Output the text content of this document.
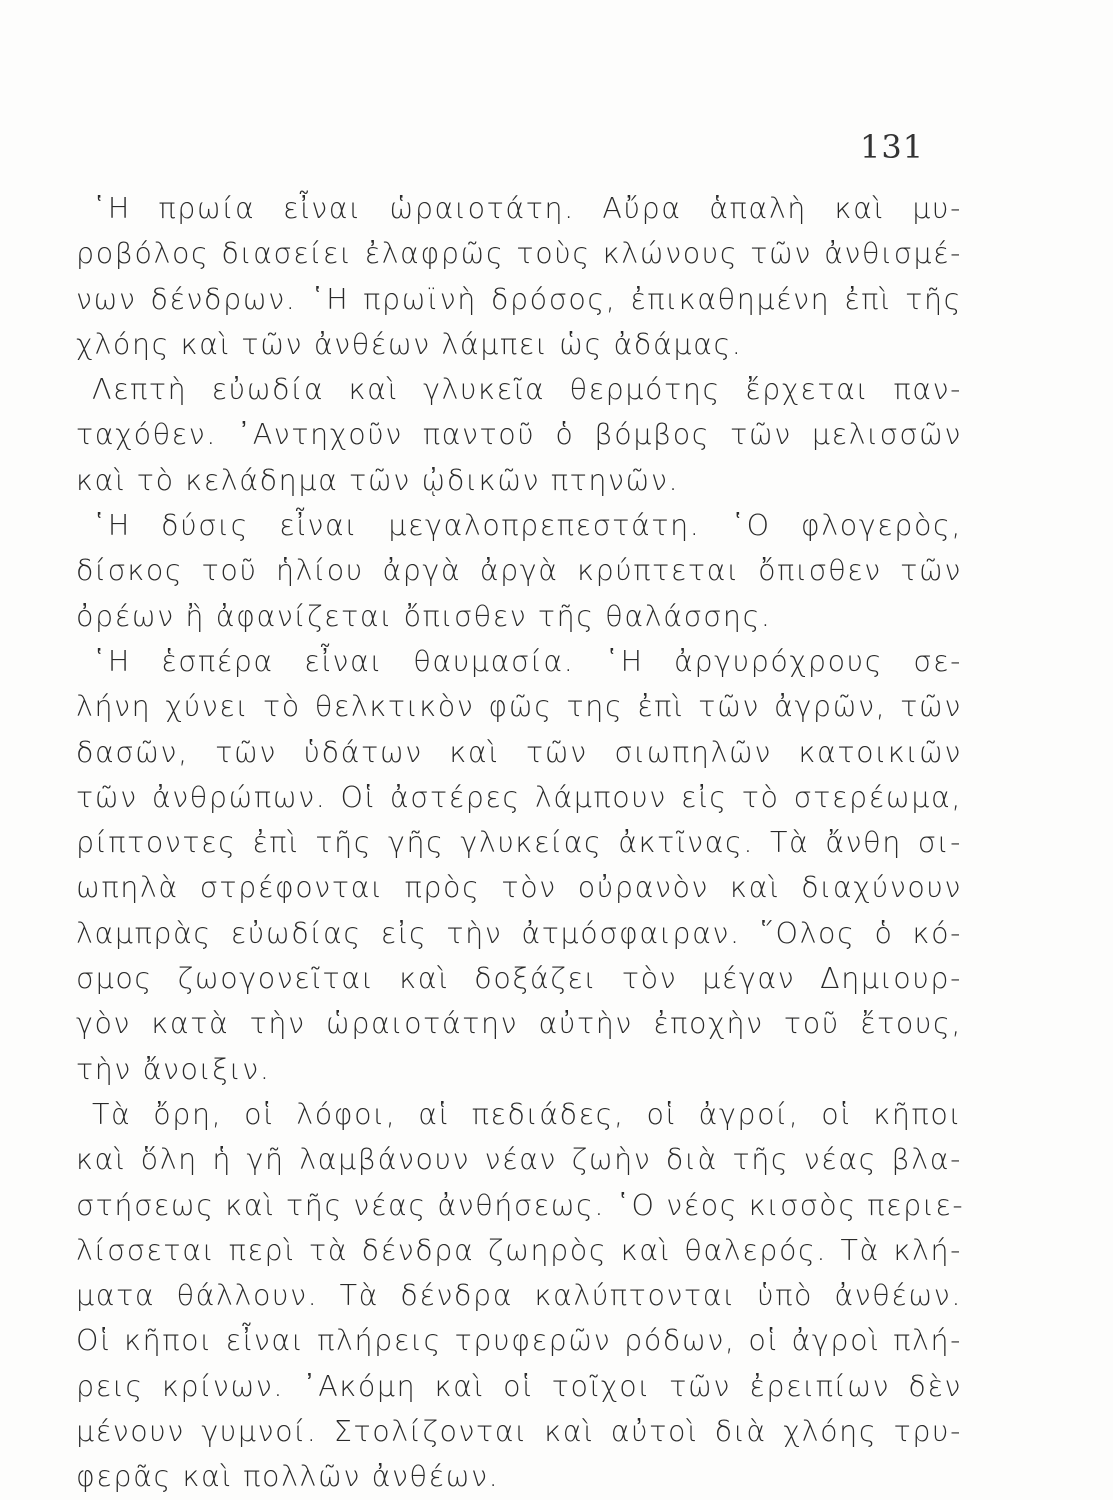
131
῾Η πρωία εἶναι ὡραιοτάτη. Αὔρα ἁπαλὴ καὶ μυ-
ροβόλος διασείει ἐλαφρῶς τοὺς κλώνους τῶν ἀνθισμέ-
νων δένδρων. ῾Η πρωϊνὴ δρόσος, ἐπικαθημένη ἐπὶ τῆς
χλόης καὶ τῶν ἀνθέων λάμπει ὡς ἀδάμας.
Λεπτὴ εὐωδία καὶ γλυκεῖα θερμότης ἔρχεται παν-
ταχόθεν. ᾽Αντηχοῦν παντοῦ ὁ βόμβος τῶν μελισσῶν
καὶ τὸ κελάδημα τῶν ᾠδικῶν πτηνῶν.
῾Η δύσις εἶναι μεγαλοπρεπεστάτη. ῾Ο φλογερὸς,
δίσκος τοῦ ἡλίου ἀργὰ ἀργὰ κρύπτεται ὄπισθεν τῶν
ὀρέων ἢ ἀφανίζεται ὄπισθεν τῆς θαλάσσης.
῾Η ἑσπέρα εἶναι θαυμασία. ῾Η ἀργυρόχρους σε-
λήνη χύνει τὸ θελκτικὸν φῶς της ἐπὶ τῶν ἀγρῶν, τῶν
δασῶν, τῶν ὑδάτων καὶ τῶν σιωπηλῶν κατοικιῶν
τῶν ἀνθρώπων. Οἱ ἀστέρες λάμπουν εἰς τὸ στερέωμα,
ρίπτοντες ἐπὶ τῆς γῆς γλυκείας ἀκτῖνας. Τὰ ἄνθη σι-
ωπηλὰ στρέφονται πρὸς τὸν οὐρανὸν καὶ διαχύνουν
λαμπρὰς εὐωδίας εἰς τὴν ἀτμόσφαιραν. ῞Ολος ὁ κό-
σμος ζωογονεῖται καὶ δοξάζει τὸν μέγαν Δημιουρ-
γὸν κατὰ τὴν ὡραιοτάτην αὐτὴν ἐποχὴν τοῦ ἔτους,
τὴν ἄνοιξιν.
Τὰ ὄρη, οἱ λόφοι, αἱ πεδιάδες, οἱ ἀγροί, οἱ κῆποι
καὶ ὅλη ἡ γῆ λαμβάνουν νέαν ζωὴν διὰ τῆς νέας βλα-
στήσεως καὶ τῆς νέας ἀνθήσεως. ῾Ο νέος κισσὸς περιε-
λίσσεται περὶ τὰ δένδρα ζωηρὸς καὶ θαλερός. Τὰ κλή-
ματα θάλλουν. Τὰ δένδρα καλύπτονται ὑπὸ ἀνθέων.
Οἱ κῆποι εἶναι πλήρεις τρυφερῶν ρόδων, οἱ ἀγροὶ πλή-
ρεις κρίνων. ᾽Ακόμη καὶ οἱ τοῖχοι τῶν ἐρειπίων δὲν
μένουν γυμνοί. Στολίζονται καὶ αὐτοὶ διὰ χλόης τρυ-
φερᾶς καὶ πολλῶν ἀνθέων.
